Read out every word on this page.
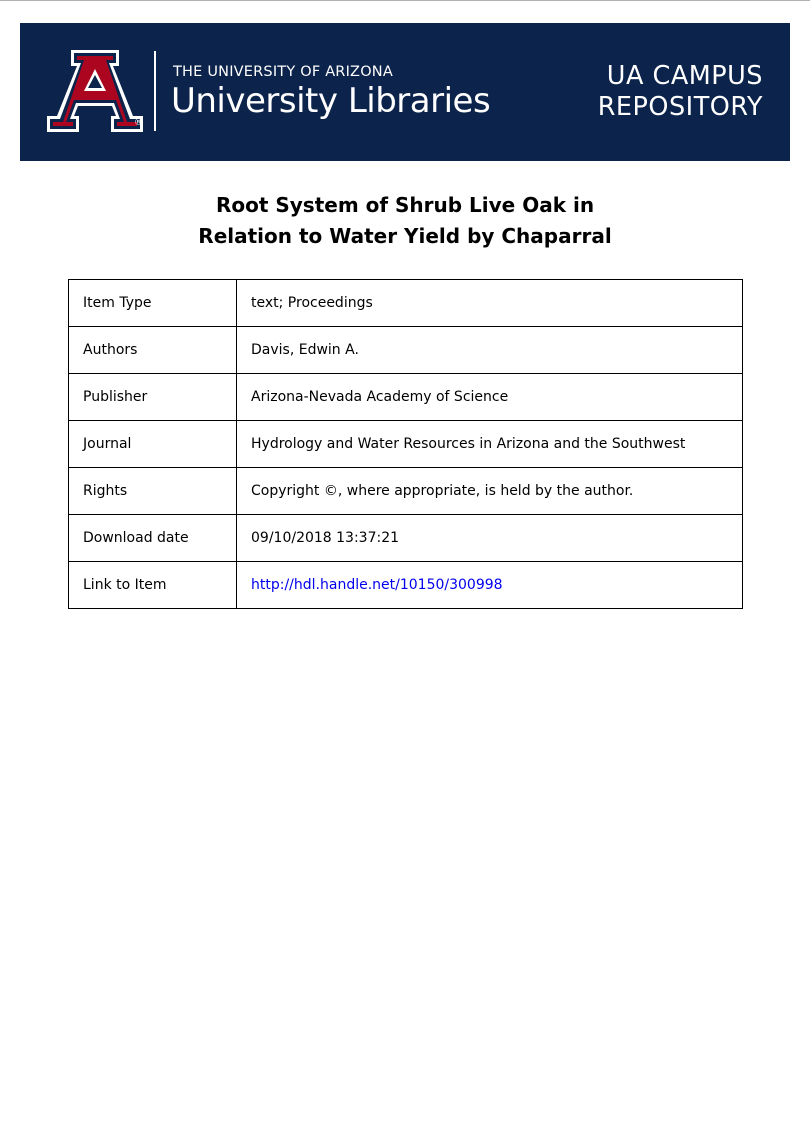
®
THE UNIVERSITY OF ARIZONA
University Libraries
UA CAMPUS
REPOSITORY
Root System of Shrub Live Oak in
Relation to Water Yield by Chaparral
Item Type	text; Proceedings
Authors	Davis, Edwin A.
Publisher	Arizona-Nevada Academy of Science
Journal	Hydrology and Water Resources in Arizona and the Southwest
Rights	Copyright ©, where appropriate, is held by the author.
Download date	09/10/2018 13:37:21
Link to Item	http://hdl.handle.net/10150/300998
